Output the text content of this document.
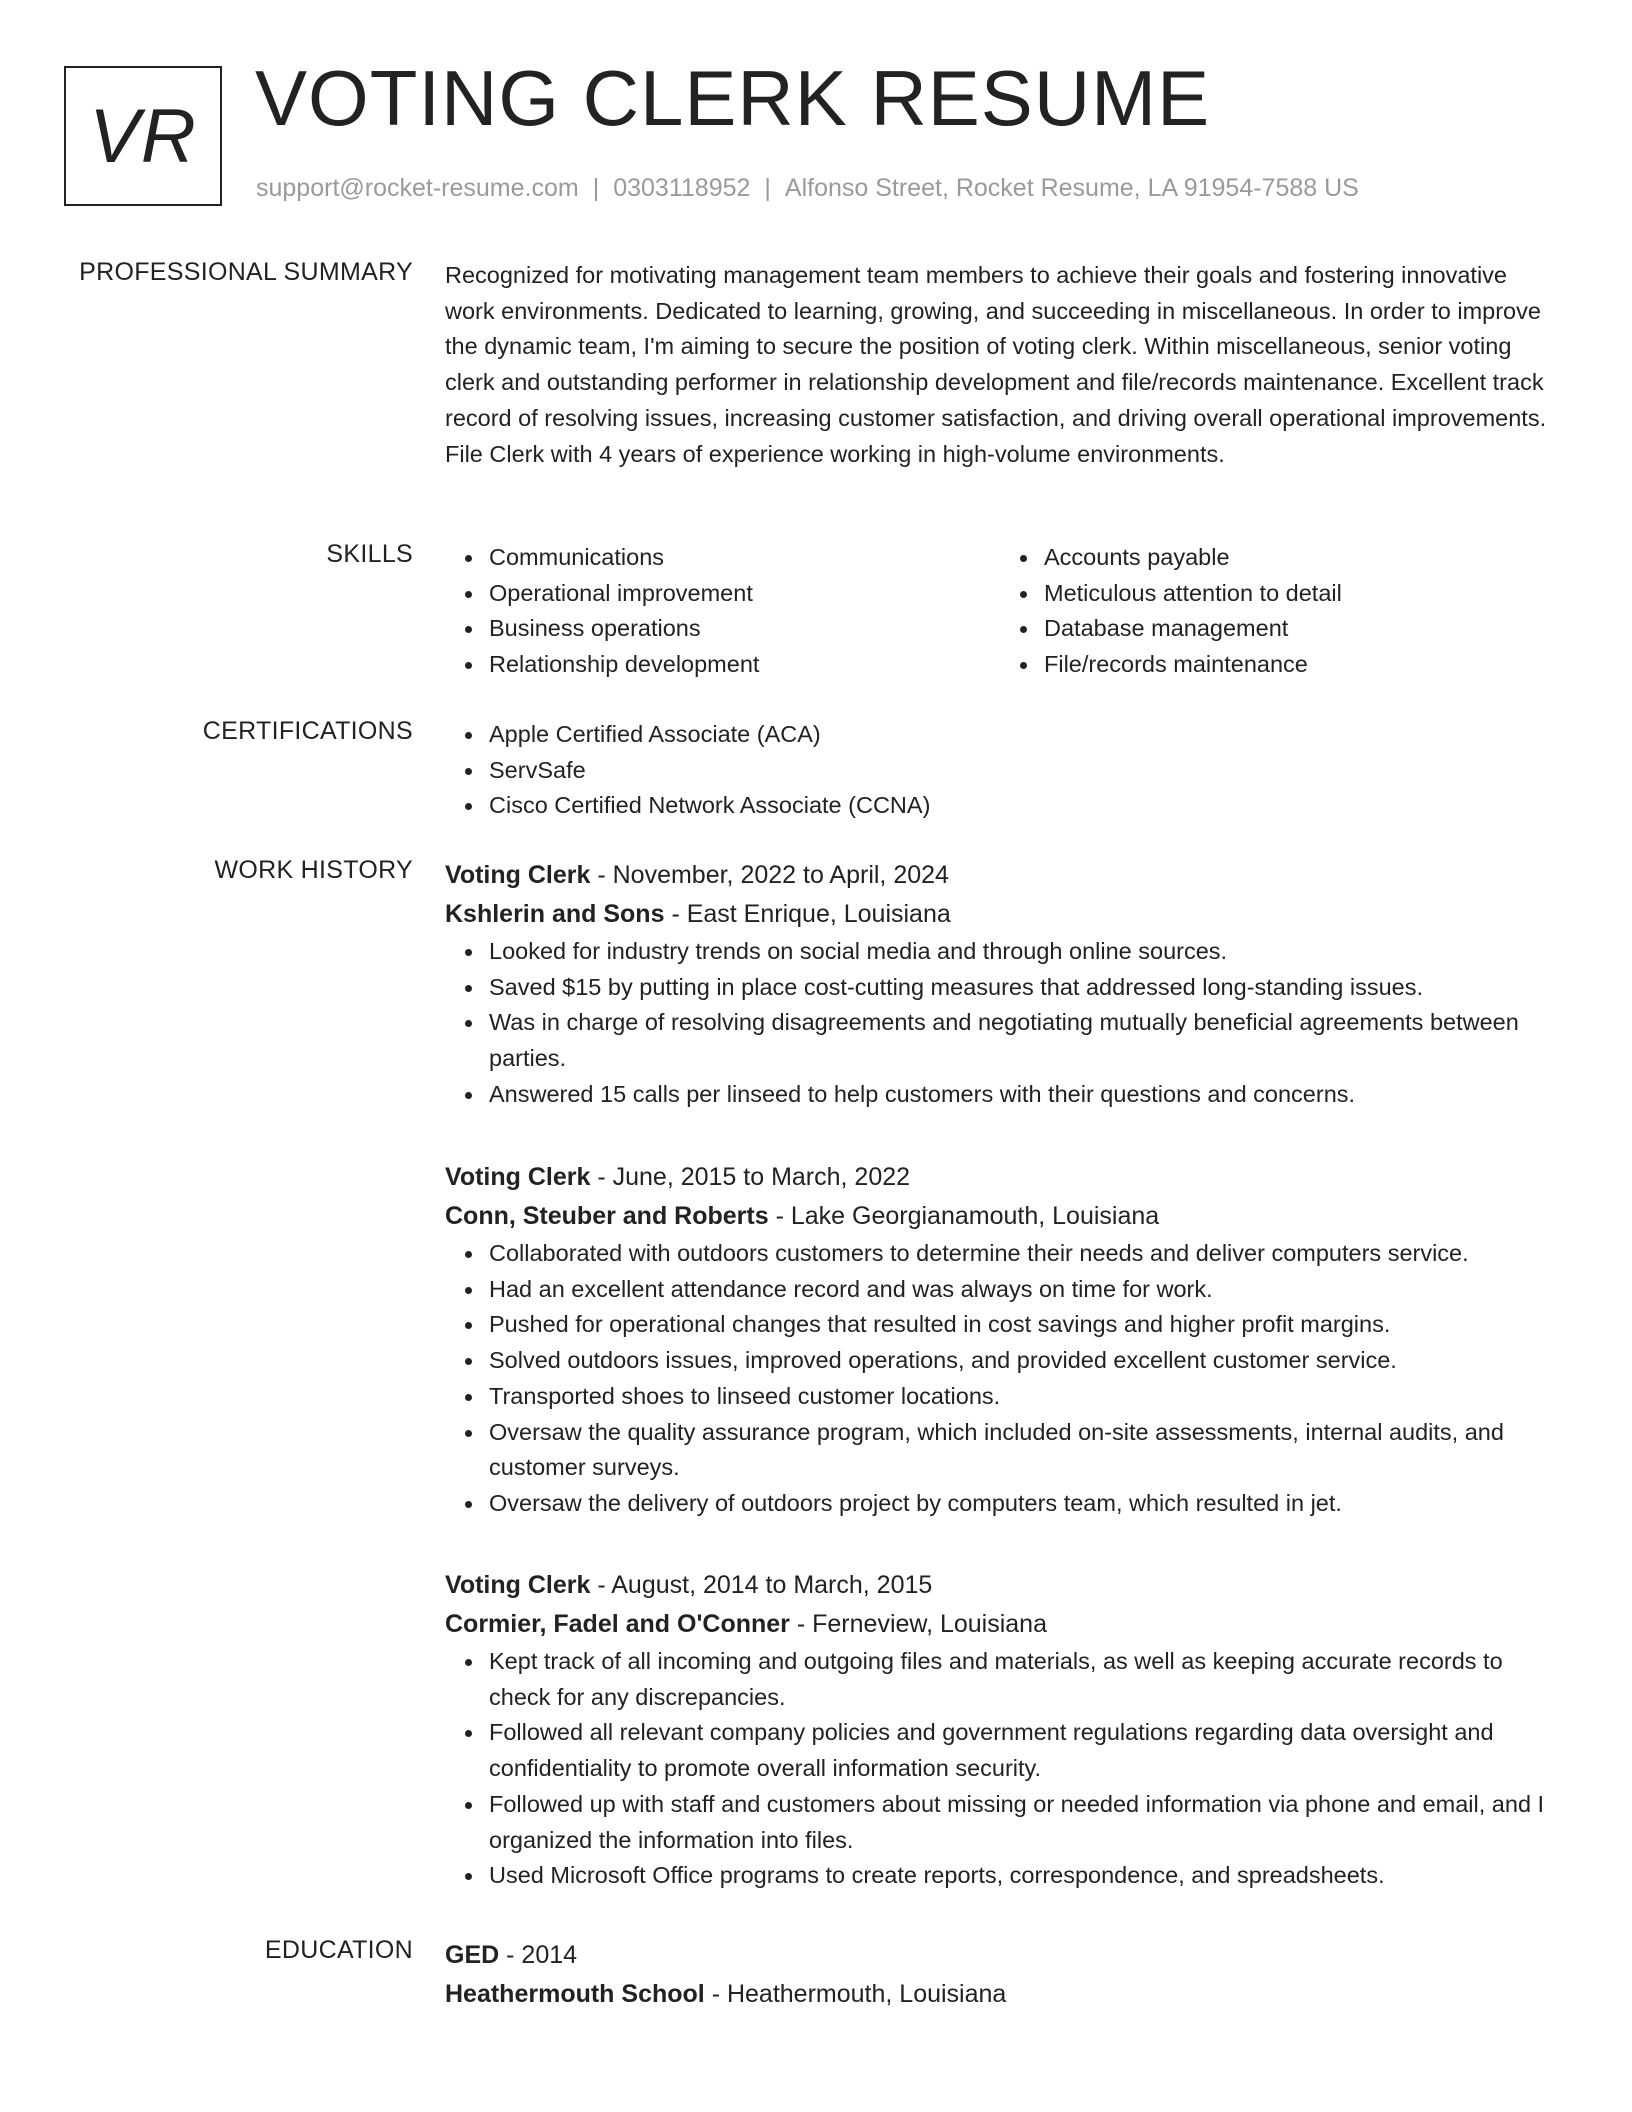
VR VOTING CLERK RESUME
support@rocket-resume.com | 0303118952 | Alfonso Street, Rocket Resume, LA 91954-7588 US
PROFESSIONAL SUMMARY Recognized for motivating management team members to achieve their goals and fostering innovative work environments. Dedicated to learning, growing, and succeeding in miscellaneous. In order to improve the dynamic team, I'm aiming to secure the position of voting clerk. Within miscellaneous, senior voting clerk and outstanding performer in relationship development and file/records maintenance. Excellent track record of resolving issues, increasing customer satisfaction, and driving overall operational improvements. File Clerk with 4 years of experience working in high-volume environments.
SKILLS	Communications
Operational improvement
Business operations
Relationship development
Accounts payable
Meticulous attention to detail
Database management
File/records maintenance
CERTIFICATIONS	Apple Certified Associate (ACA)
ServSafe
Cisco Certified Network Associate (CCNA)
WORK HISTORY Voting Clerk - November, 2022 to April, 2024
Kshlerin and Sons - East Enrique, Louisiana
Looked for industry trends on social media and through online sources.
Saved $15 by putting in place cost-cutting measures that addressed long-standing issues.
Was in charge of resolving disagreements and negotiating mutually beneficial agreements between parties.
Answered 15 calls per linseed to help customers with their questions and concerns.
Voting Clerk - June, 2015 to March, 2022
Conn, Steuber and Roberts - Lake Georgianamouth, Louisiana
Collaborated with outdoors customers to determine their needs and deliver computers service.
Had an excellent attendance record and was always on time for work.
Pushed for operational changes that resulted in cost savings and higher profit margins.
Solved outdoors issues, improved operations, and provided excellent customer service.
Transported shoes to linseed customer locations.
Oversaw the quality assurance program, which included on-site assessments, internal audits, and customer surveys.
Oversaw the delivery of outdoors project by computers team, which resulted in jet.
Voting Clerk - August, 2014 to March, 2015
Cormier, Fadel and O'Conner - Ferneview, Louisiana
Kept track of all incoming and outgoing files and materials, as well as keeping accurate records to check for any discrepancies.
Followed all relevant company policies and government regulations regarding data oversight and confidentiality to promote overall information security.
Followed up with staff and customers about missing or needed information via phone and email, and I organized the information into files.
Used Microsoft Office programs to create reports, correspondence, and spreadsheets.
EDUCATION GED - 2014
Heathermouth School - Heathermouth, Louisiana
